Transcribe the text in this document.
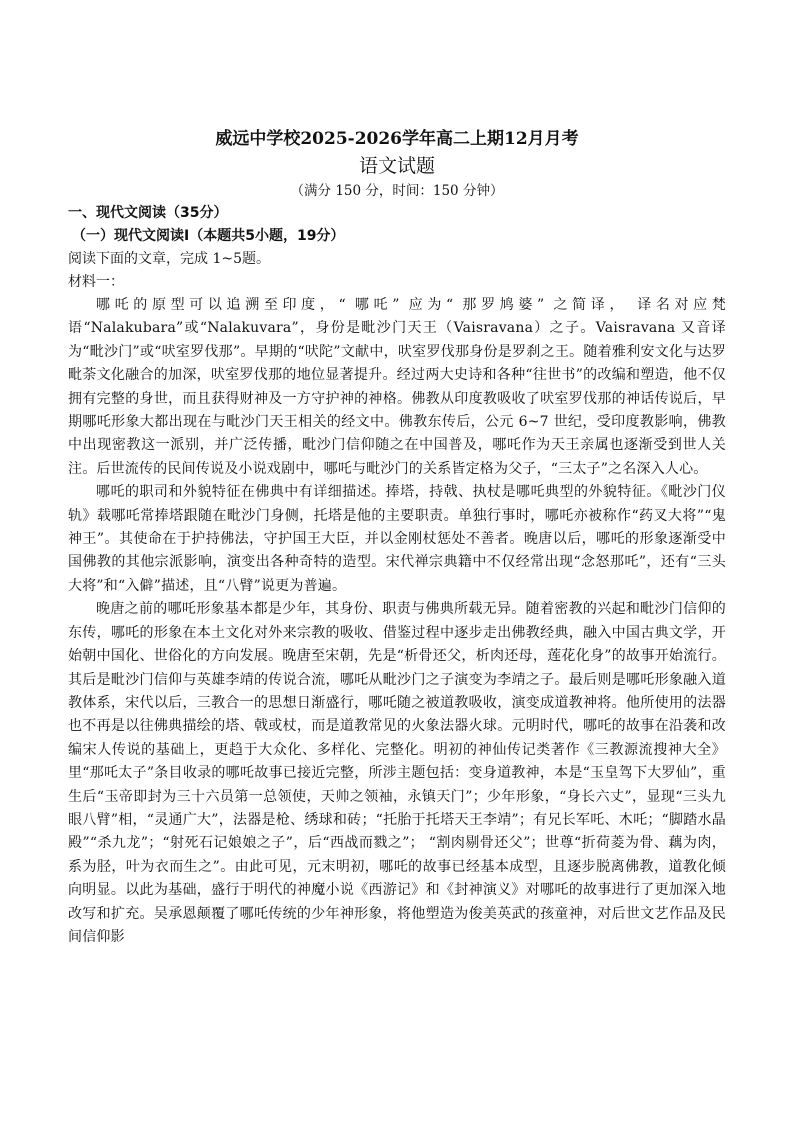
威远中学校2025-2026学年高二上期12月月考

语文试题

（满分 150 分，时间：150 分钟）

一、现代文阅读（35分）

（一）现代文阅读Ⅰ（本题共5小题，19分）

阅读下面的文章，完成 1~5题。

材料一：

哪吒的原型可以追溯至印度，“ 哪吒” 应为“ 那罗鸠婆” 之简译， 译名对应梵语“Nalakubara”或“Nalakuvara”，身份是毗沙门天王（Vaisravana）之子。Vaisravana 又音译为“毗沙门”或“吠室罗伐那”。早期的“吠陀”文献中，吠室罗伐那身份是罗刹之王。随着雅利安文化与达罗毗荼文化融合的加深，吠室罗伐那的地位显著提升。经过两大史诗和各种“往世书”的改编和塑造，他不仅拥有完整的身世，而且获得财神及一方守护神的神格。佛教从印度教吸收了吠室罗伐那的神话传说后，早期哪吒形象大都出现在与毗沙门天王相关的经文中。佛教东传后，公元 6~7 世纪，受印度教影响，佛教中出现密教这一派别，并广泛传播，毗沙门信仰随之在中国普及，哪吒作为天王亲属也逐渐受到世人关注。后世流传的民间传说及小说戏剧中，哪吒与毗沙门的关系皆定格为父子，“三太子”之名深入人心。

哪吒的职司和外貌特征在佛典中有详细描述。捧塔，持戟、执杖是哪吒典型的外貌特征。《毗沙门仪轨》载哪吒常捧塔跟随在毗沙门身侧，托塔是他的主要职责。单独行事时，哪吒亦被称作“药叉大将”“鬼神王”。其使命在于护持佛法，守护国王大臣，并以金刚杖惩处不善者。晚唐以后，哪吒的形象逐渐受中国佛教的其他宗派影响，演变出各种奇特的造型。宋代禅宗典籍中不仅经常出现“念怒那吒”，还有“三头大将”和“入僻”描述，且“八臂”说更为普遍。

晚唐之前的哪吒形象基本都是少年，其身份、职责与佛典所载无异。随着密教的兴起和毗沙门信仰的东传，哪吒的形象在本土文化对外来宗教的吸收、借鉴过程中逐步走出佛教经典，融入中国古典文学，开始朝中国化、世俗化的方向发展。晚唐至宋朝，先是“析骨还父，析肉还母，莲花化身”的故事开始流行。其后是毗沙门信仰与英雄李靖的传说合流，哪吒从毗沙门之子演变为李靖之子。最后则是哪吒形象融入道教体系，宋代以后，三教合一的思想日渐盛行，哪吒随之被道教吸收，演变成道教神将。他所使用的法器也不再是以往佛典描绘的塔、戟或杖，而是道教常见的火象法器火球。元明时代，哪吒的故事在沿袭和改编宋人传说的基础上，更趋于大众化、多样化、完整化。明初的神仙传记类著作《三教源流搜神大全》里“那吒太子”条目收录的哪吒故事已接近完整，所涉主题包括：变身道教神，本是“玉皇驾下大罗仙”，重生后“玉帝即封为三十六员第一总领使，天帅之领袖，永镇天门”；少年形象，“身长六丈”，显现“三头九眼八臂”相，“灵通广大”，法器是枪、绣球和砖；“托胎于托塔天王李靖”；有兄长军吒、木吒；“脚踏水晶殿”“杀九龙”；“射死石记娘娘之子”，后“西战而戮之”； “割肉剔骨还父”；世尊“折荷菱为骨、藕为肉，系为胫，叶为衣而生之”。由此可见，元末明初，哪吒的故事已经基本成型，且逐步脱离佛教，道教化倾向明显。以此为基础，盛行于明代的神魔小说《西游记》和《封神演义》对哪吒的故事进行了更加深入地改写和扩充。吴承恩颠覆了哪吒传统的少年神形象，将他塑造为俊美英武的孩童神，对后世文艺作品及民间信仰影
